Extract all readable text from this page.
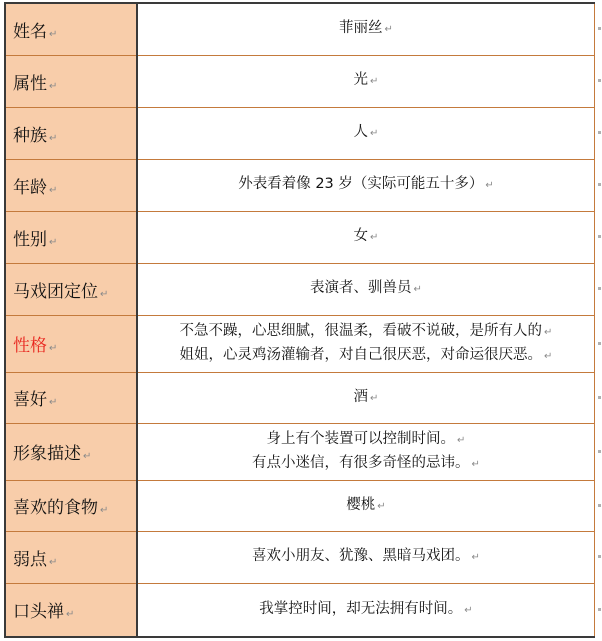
姓名 ↵	菲丽丝 ↵

属性 ↵	光 ↵

种族 ↵	人 ↵

年龄 ↵	外表看着像 23 岁（实际可能五十多） ↵

性别 ↵	女 ↵

马戏团定位 ↵	表演者、驯兽员 ↵

性格 ↵	不急不躁，心思细腻，很温柔，看破不说破，是所有人的 ↵
姐姐，心灵鸡汤灌输者，对自己很厌恶，对命运很厌恶。 ↵

喜好 ↵	酒 ↵

形象描述 ↵	身上有个装置可以控制时间。 ↵
有点小迷信，有很多奇怪的忌讳。 ↵

喜欢的食物 ↵	樱桃 ↵

弱点 ↵	喜欢小朋友、犹豫、黑暗马戏团。 ↵

口头禅 ↵	我掌控时间，却无法拥有时间。 ↵
